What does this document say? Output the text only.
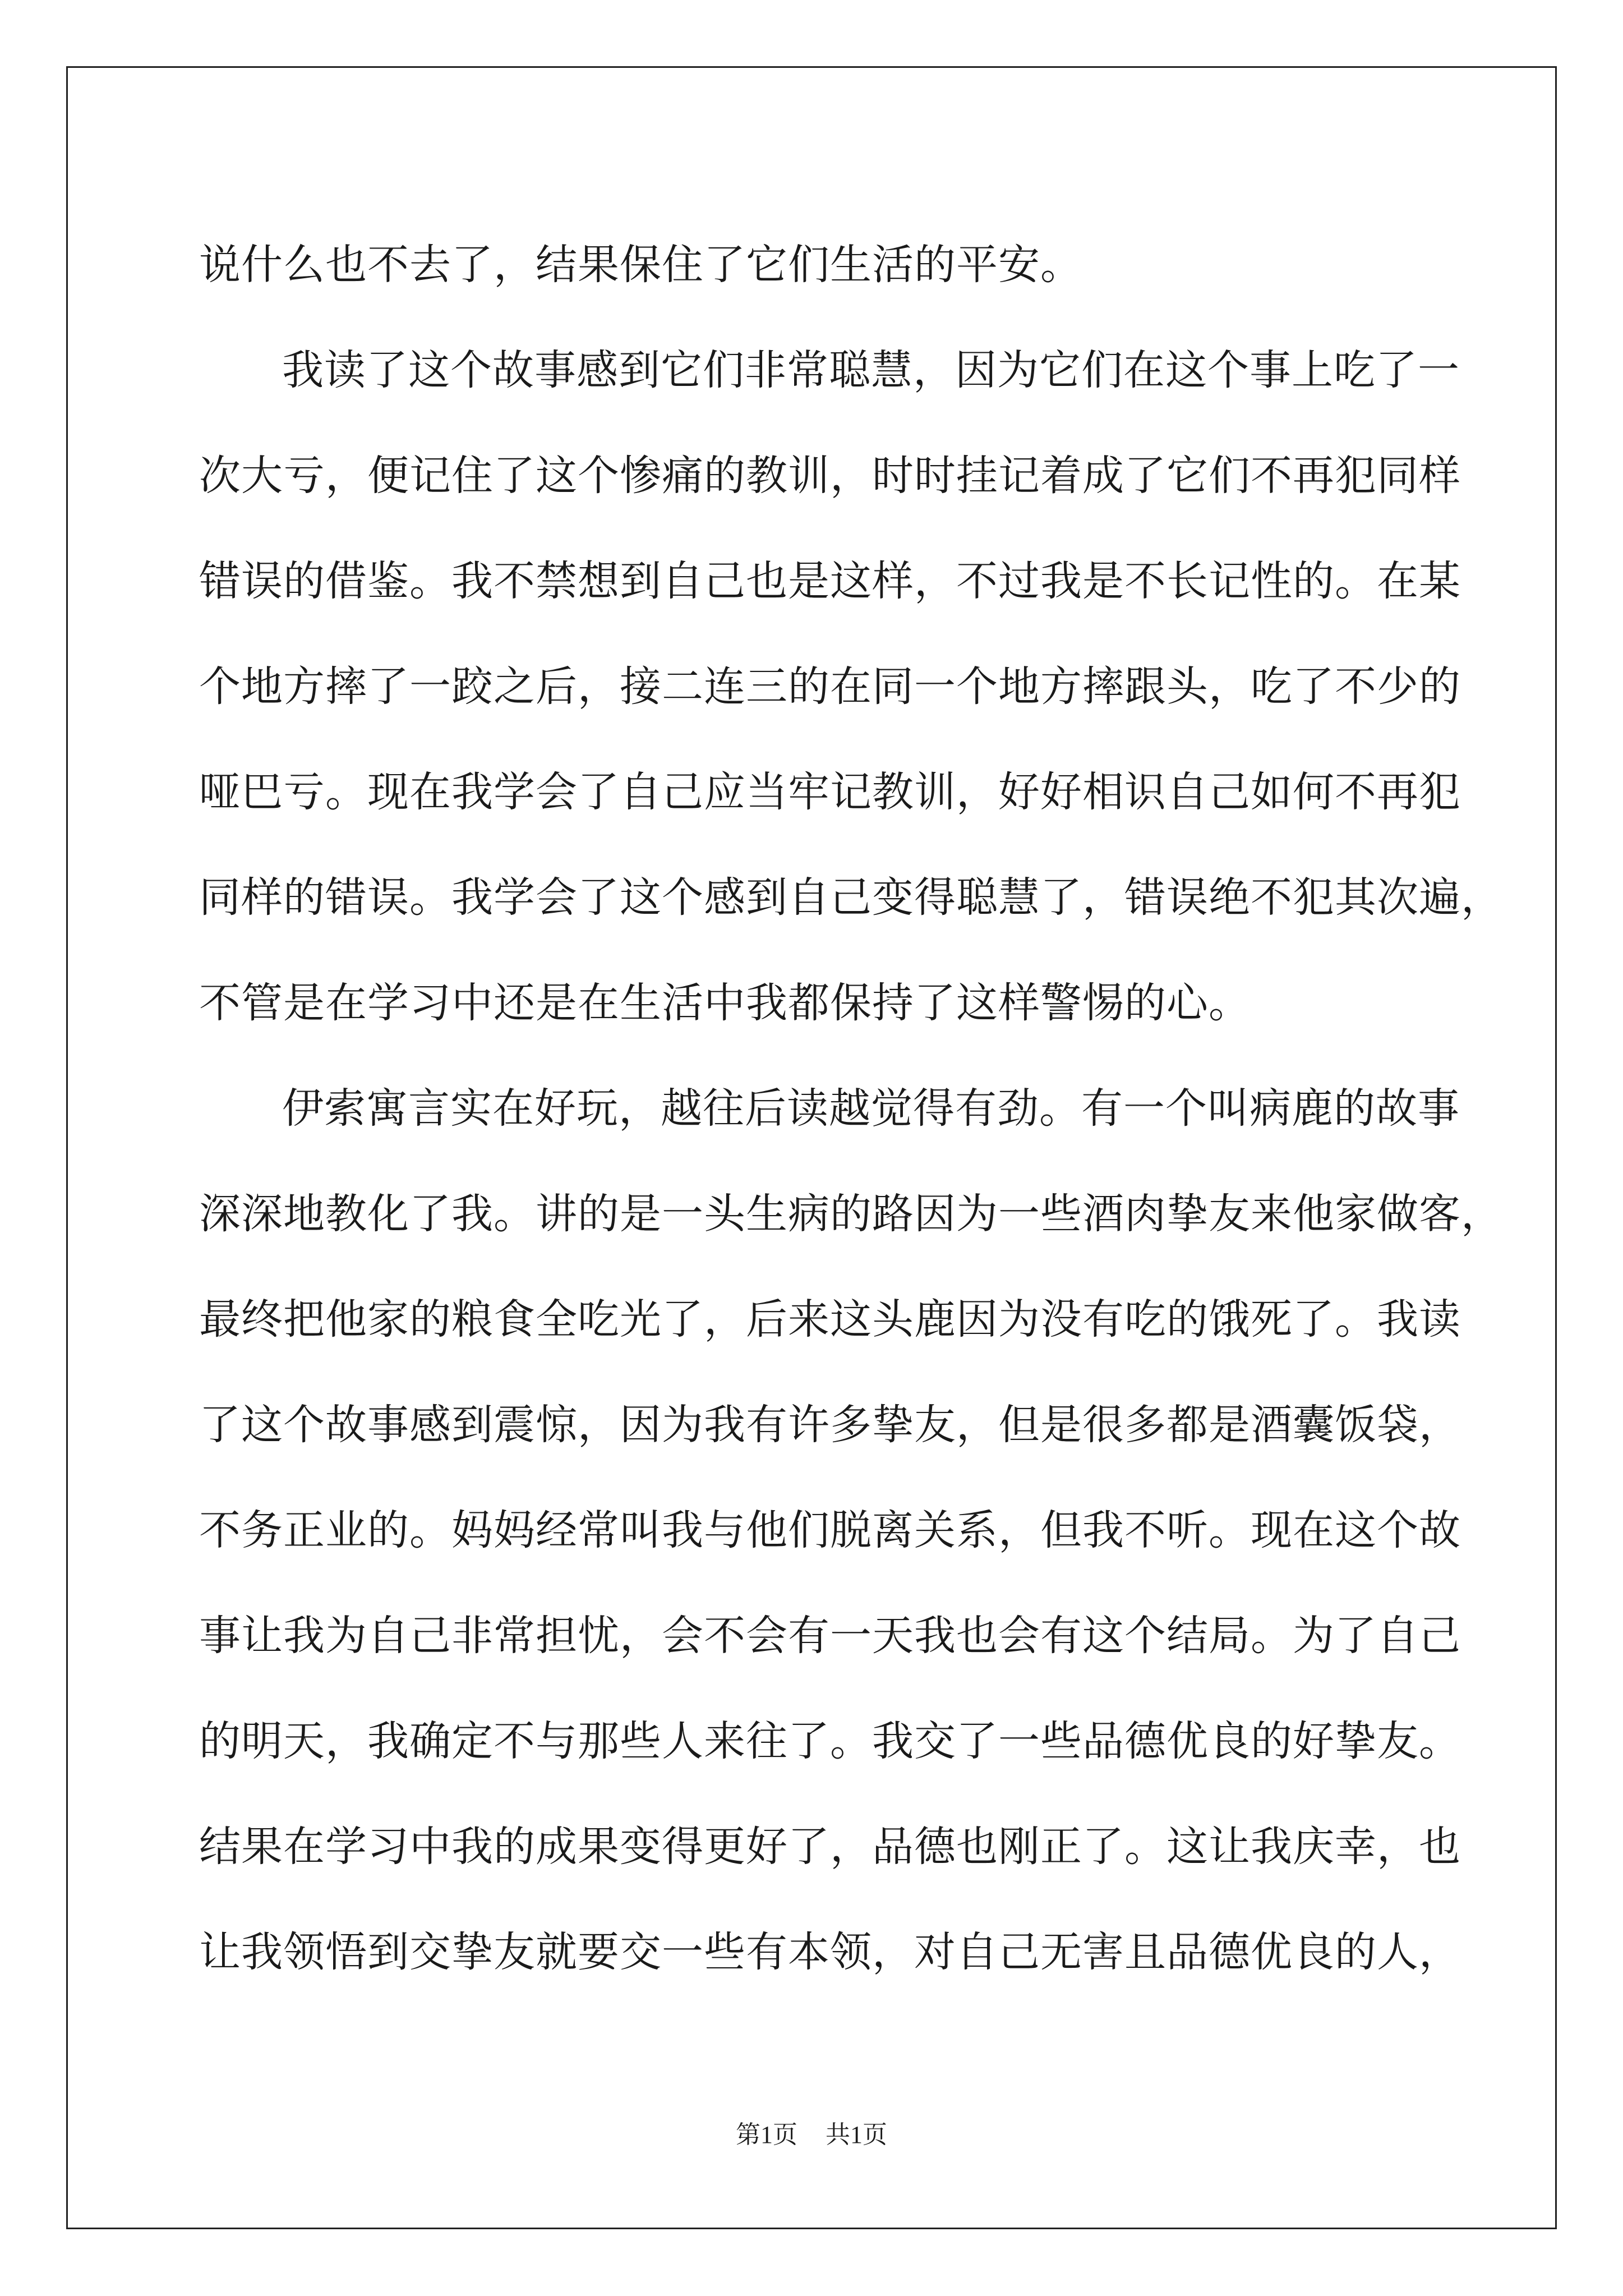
说什么也不去了，结果保住了它们生活的平安。
我读了这个故事感到它们非常聪慧，因为它们在这个事上吃了一
次大亏，便记住了这个惨痛的教训，时时挂记着成了它们不再犯同样
错误的借鉴。我不禁想到自己也是这样，不过我是不长记性的。在某
个地方摔了一跤之后，接二连三的在同一个地方摔跟头，吃了不少的
哑巴亏。现在我学会了自己应当牢记教训，好好相识自己如何不再犯
同样的错误。我学会了这个感到自己变得聪慧了，错误绝不犯其次遍，
不管是在学习中还是在生活中我都保持了这样警惕的心。
伊索寓言实在好玩，越往后读越觉得有劲。有一个叫病鹿的故事
深深地教化了我。讲的是一头生病的路因为一些酒肉挚友来他家做客，
最终把他家的粮食全吃光了，后来这头鹿因为没有吃的饿死了。我读
了这个故事感到震惊，因为我有许多挚友，但是很多都是酒囊饭袋，
不务正业的。妈妈经常叫我与他们脱离关系，但我不听。现在这个故
事让我为自己非常担忧，会不会有一天我也会有这个结局。为了自己
的明天，我确定不与那些人来往了。我交了一些品德优良的好挚友。
结果在学习中我的成果变得更好了，品德也刚正了。这让我庆幸，也
让我领悟到交挚友就要交一些有本领，对自己无害且品德优良的人，
第1页 共1页
